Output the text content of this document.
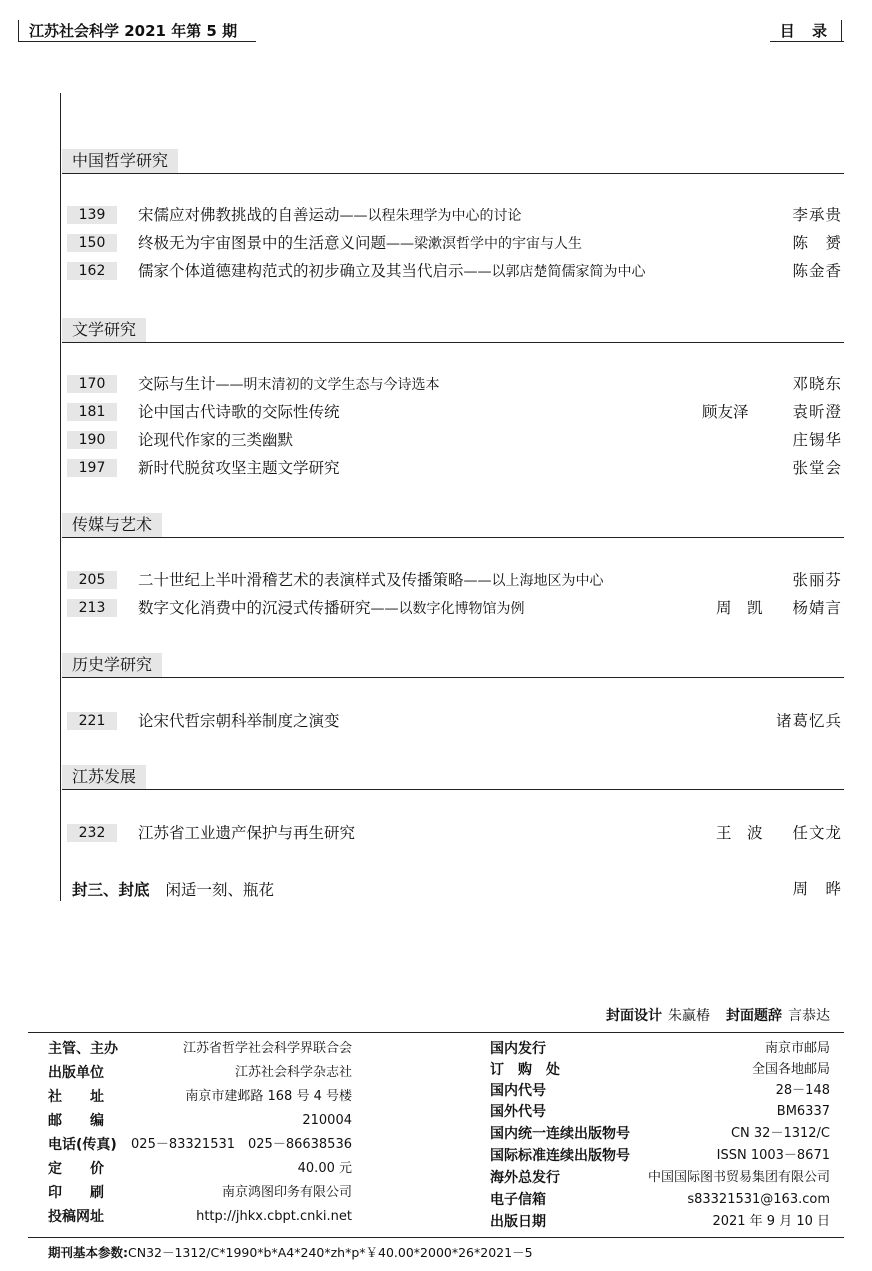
江苏社会科学 2021 年第 5 期	目 录
中国哲学研究
139	宋儒应对佛教挑战的自善运动——以程朱理学为中心的讨论	李承贵
150	终极无为宇宙图景中的生活意义问题——梁漱溟哲学中的宇宙与人生	陈　赟
162	儒家个体道德建构范式的初步确立及其当代启示——以郭店楚简儒家简为中心	陈金香
文学研究
170	交际与生计——明末清初的文学生态与今诗选本	邓晓东
181	论中国古代诗歌的交际性传统	顾友泽	袁昕澄
190	论现代作家的三类幽默	庄锡华
197	新时代脱贫攻坚主题文学研究	张堂会
传媒与艺术
205	二十世纪上半叶滑稽艺术的表演样式及传播策略——以上海地区为中心	张丽芬
213	数字文化消费中的沉浸式传播研究——以数字化博物馆为例	周　凯 杨婧言
历史学研究
221	论宋代哲宗朝科举制度之演变	诸葛忆兵
江苏发展
232	江苏省工业遗产保护与再生研究	王　波 任文龙
封三、封底 闲适一刻、瓶花	周　晔
封面设计 朱赢椿 封面题辞 言恭达
主管、主办	江苏省哲学社会科学界联合会
出版单位	江苏社会科学杂志社
社　　址	南京市建邺路 168 号 4 号楼
邮　　编	210004
电话(传真) 025－83321531　025－86638536
定　　价	40.00 元
印　　刷	南京鸿图印务有限公司
投稿网址	http://jhkx.cbpt.cnki.net
国内发行	南京市邮局
订　购　处	全国各地邮局
国内代号	28－148
国外代号	BM6337
国内统一连续出版物号	CN 32－1312/C
国际标准连续出版物号	ISSN 1003－8671
海外总发行	中国国际图书贸易集团有限公司
电子信箱	s83321531@163.com
出版日期	2021 年 9 月 10 日
期刊基本参数:CN32－1312/C*1990*b*A4*240*zh*p*￥40.00*2000*26*2021－5
